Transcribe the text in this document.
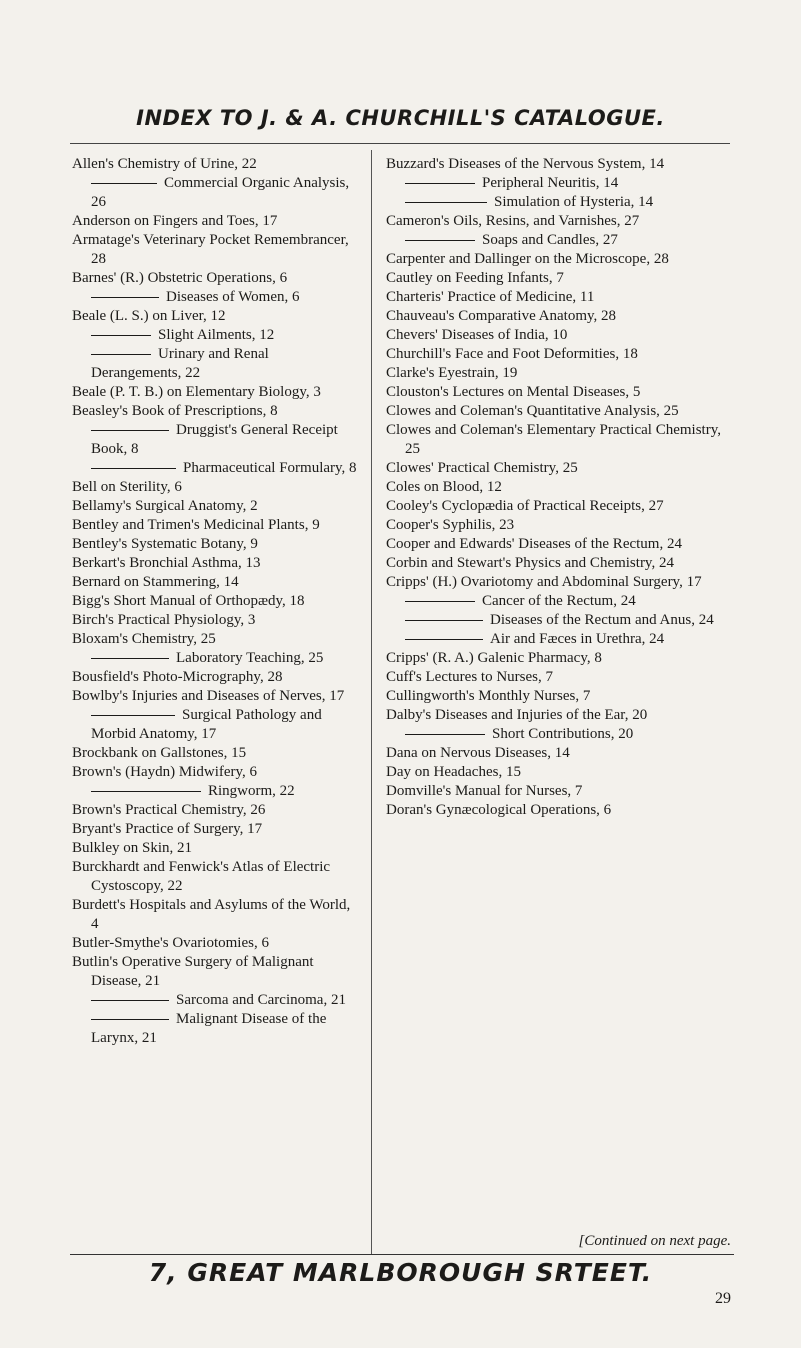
INDEX TO J. & A. CHURCHILL'S CATALOGUE.
Allen's Chemistry of Urine, 22
Commercial Organic Analysis, 26
Anderson on Fingers and Toes, 17
Armatage's Veterinary Pocket Remembrancer, 28
Barnes' (R.) Obstetric Operations, 6
Diseases of Women, 6
Beale (L. S.) on Liver, 12
Slight Ailments, 12
Urinary and Renal Derangements, 22
Beale (P. T. B.) on Elementary Biology, 3
Beasley's Book of Prescriptions, 8
Druggist's General Receipt Book, 8
Pharmaceutical Formulary, 8
Bell on Sterility, 6
Bellamy's Surgical Anatomy, 2
Bentley and Trimen's Medicinal Plants, 9
Bentley's Systematic Botany, 9
Berkart's Bronchial Asthma, 13
Bernard on Stammering, 14
Bigg's Short Manual of Orthopædy, 18
Birch's Practical Physiology, 3
Bloxam's Chemistry, 25
Laboratory Teaching, 25
Bousfield's Photo-Micrography, 28
Bowlby's Injuries and Diseases of Nerves, 17
Surgical Pathology and Morbid Anatomy, 17
Brockbank on Gallstones, 15
Brown's (Haydn) Midwifery, 6
Ringworm, 22
Brown's Practical Chemistry, 26
Bryant's Practice of Surgery, 17
Bulkley on Skin, 21
Burckhardt and Fenwick's Atlas of Electric Cystoscopy, 22
Burdett's Hospitals and Asylums of the World, 4
Butler-Smythe's Ovariotomies, 6
Butlin's Operative Surgery of Malignant Disease, 21
Sarcoma and Carcinoma, 21
Malignant Disease of the Larynx, 21
Buzzard's Diseases of the Nervous System, 14
Peripheral Neuritis, 14
Simulation of Hysteria, 14
Cameron's Oils, Resins, and Varnishes, 27
Soaps and Candles, 27
Carpenter and Dallinger on the Microscope, 28
Cautley on Feeding Infants, 7
Charteris' Practice of Medicine, 11
Chauveau's Comparative Anatomy, 28
Chevers' Diseases of India, 10
Churchill's Face and Foot Deformities, 18
Clarke's Eyestrain, 19
Clouston's Lectures on Mental Diseases, 5
Clowes and Coleman's Quantitative Analysis, 25
Clowes and Coleman's Elementary Practical Chemistry, 25
Clowes' Practical Chemistry, 25
Coles on Blood, 12
Cooley's Cyclopædia of Practical Receipts, 27
Cooper's Syphilis, 23
Cooper and Edwards' Diseases of the Rectum, 24
Corbin and Stewart's Physics and Chemistry, 24
Cripps' (H.) Ovariotomy and Abdominal Surgery, 17
Cancer of the Rectum, 24
Diseases of the Rectum and Anus, 24
Air and Fæces in Urethra, 24
Cripps' (R. A.) Galenic Pharmacy, 8
Cuff's Lectures to Nurses, 7
Cullingworth's Monthly Nurses, 7
Dalby's Diseases and Injuries of the Ear, 20
Short Contributions, 20
Dana on Nervous Diseases, 14
Day on Headaches, 15
Domville's Manual for Nurses, 7
Doran's Gynæcological Operations, 6
[Continued on next page.
7, GREAT MARLBOROUGH SRTEET.
29
